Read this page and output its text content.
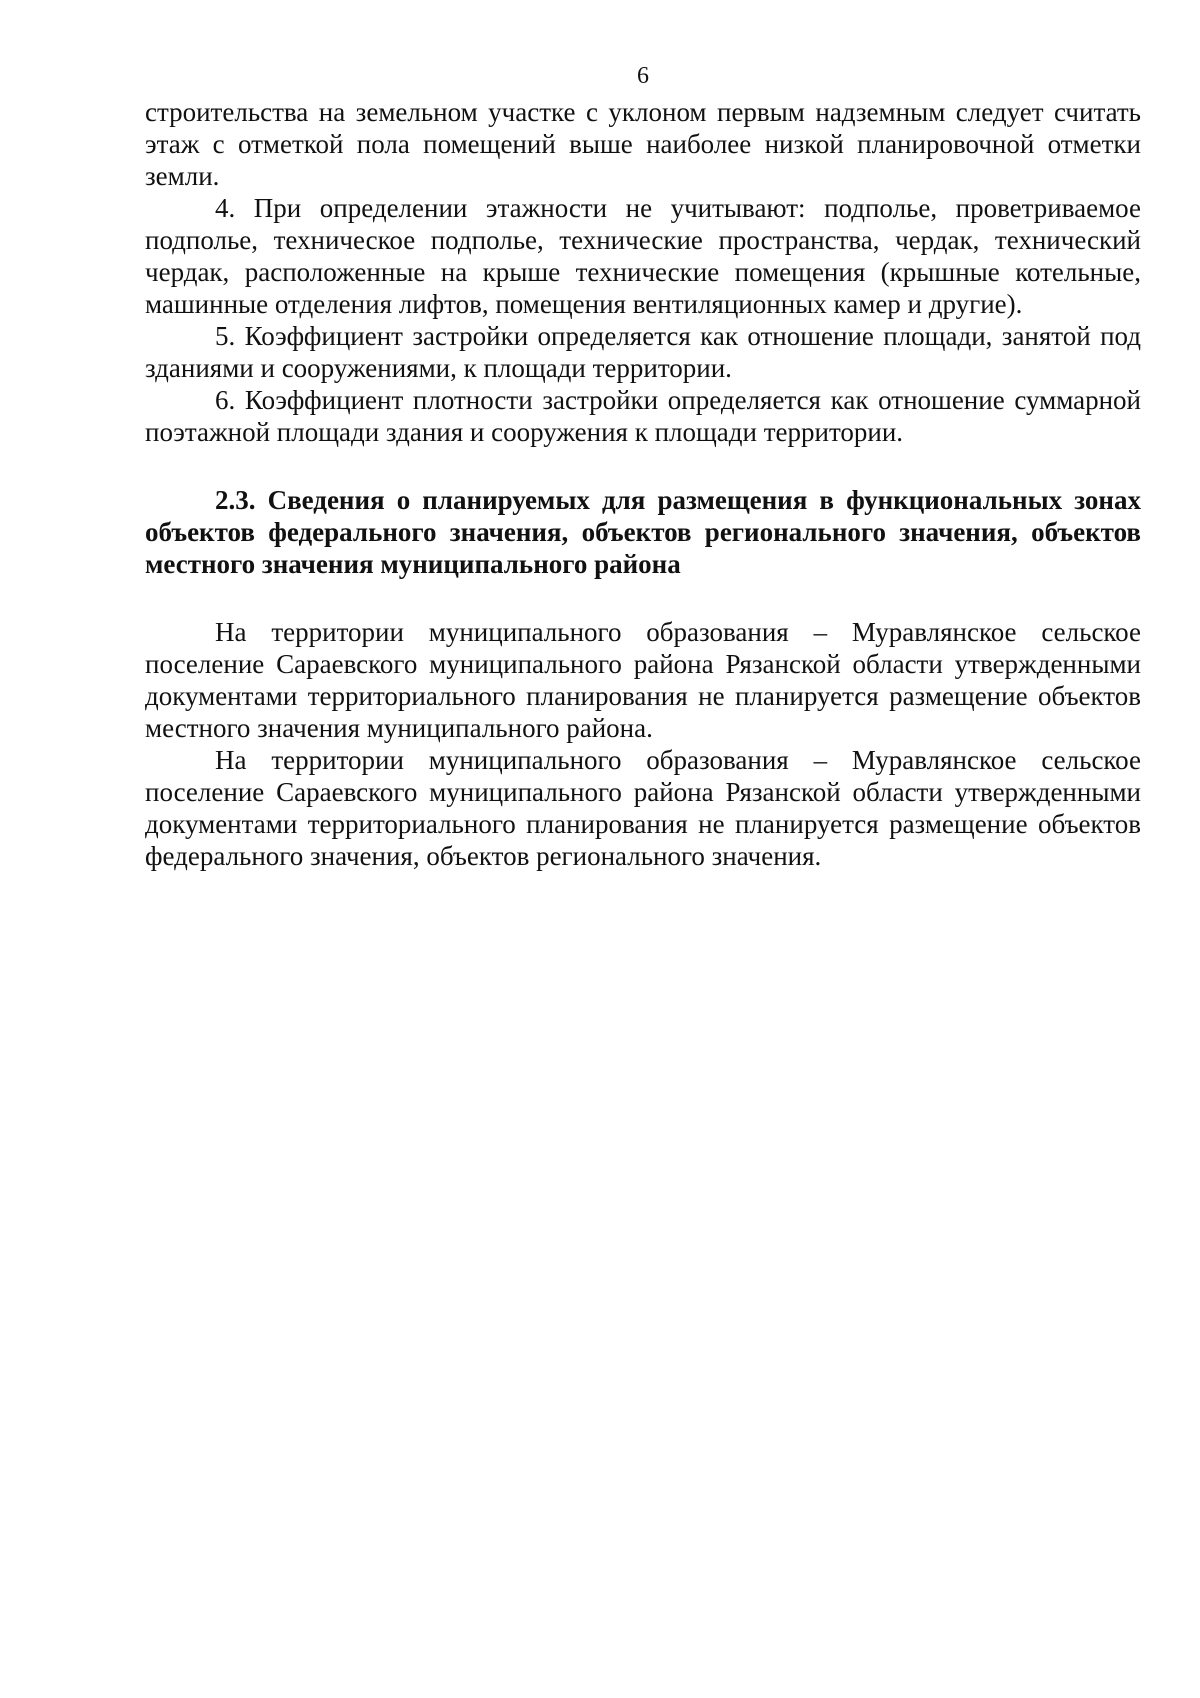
6

строительства на земельном участке с уклоном первым надземным следует считать этаж с отметкой пола помещений выше наиболее низкой планировочной отметки земли.

4. При определении этажности не учитывают: подполье, проветриваемое подполье, техническое подполье, технические пространства, чердак, технический чердак, расположенные на крыше технические помещения (крышные котельные, машинные отделения лифтов, помещения вентиляционных камер и другие).

5. Коэффициент застройки определяется как отношение площади, занятой под зданиями и сооружениями, к площади территории.

6. Коэффициент плотности застройки определяется как отношение суммарной поэтажной площади здания и сооружения к площади территории.

2.3. Сведения о планируемых для размещения в функциональных зонах объектов федерального значения, объектов регионального значения, объектов местного значения муниципального района

На территории муниципального образования – Муравлянское сельское поселение Сараевского муниципального района Рязанской области утвержденными документами территориального планирования не планируется размещение объектов местного значения муниципального района.

На территории муниципального образования – Муравлянское сельское поселение Сараевского муниципального района Рязанской области утвержденными документами территориального планирования не планируется размещение объектов федерального значения, объектов регионального значения.
